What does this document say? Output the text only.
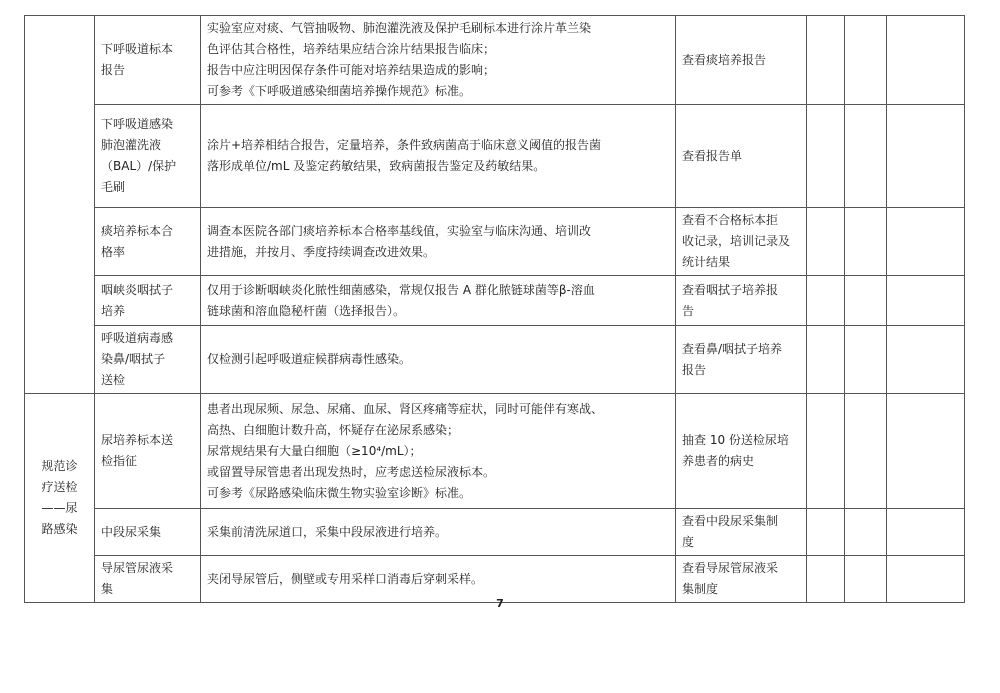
	下呼吸道标本
报告	实验室应对痰、气管抽吸物、肺泡灌洗液及保护毛刷标本进行涂片革兰染
色评估其合格性，培养结果应结合涂片结果报告临床；
报告中应注明因保存条件可能对培养结果造成的影响；
可参考《下呼吸道感染细菌培养操作规范》标准。	查看痰培养报告			

	下呼吸道感染
肺泡灌洗液
（BAL）/保护
毛刷	涂片+培养相结合报告，定量培养，条件致病菌高于临床意义阈值的报告菌
落形成单位/mL 及鉴定药敏结果，致病菌报告鉴定及药敏结果。	查看报告单			

	痰培养标本合
格率	调查本医院各部门痰培养标本合格率基线值，实验室与临床沟通、培训改
进措施，并按月、季度持续调查改进效果。	查看不合格标本拒
收记录，培训记录及
统计结果			

	咽峡炎咽拭子
培养	仅用于诊断咽峡炎化脓性细菌感染，常规仅报告 A 群化脓链球菌等β-溶血
链球菌和溶血隐秘杆菌（选择报告）。	查看咽拭子培养报
告			

	呼吸道病毒感
染鼻/咽拭子
送检	仅检测引起呼吸道症候群病毒性感染。	查看鼻/咽拭子培养
报告			

规范诊
疗送检
——尿
路感染	尿培养标本送
检指征	患者出现尿频、尿急、尿痛、血尿、肾区疼痛等症状，同时可能伴有寒战、
高热、白细胞计数升高，怀疑存在泌尿系感染；
尿常规结果有大量白细胞（≥10⁴/mL）；
或留置导尿管患者出现发热时，应考虑送检尿液标本。
可参考《尿路感染临床微生物实验室诊断》标准。	抽查 10 份送检尿培
养患者的病史			

	中段尿采集	采集前清洗尿道口，采集中段尿液进行培养。	查看中段尿采集制
度			

	导尿管尿液采
集	夹闭导尿管后，侧壁或专用采样口消毒后穿刺采样。	查看导尿管尿液采
集制度			

7
